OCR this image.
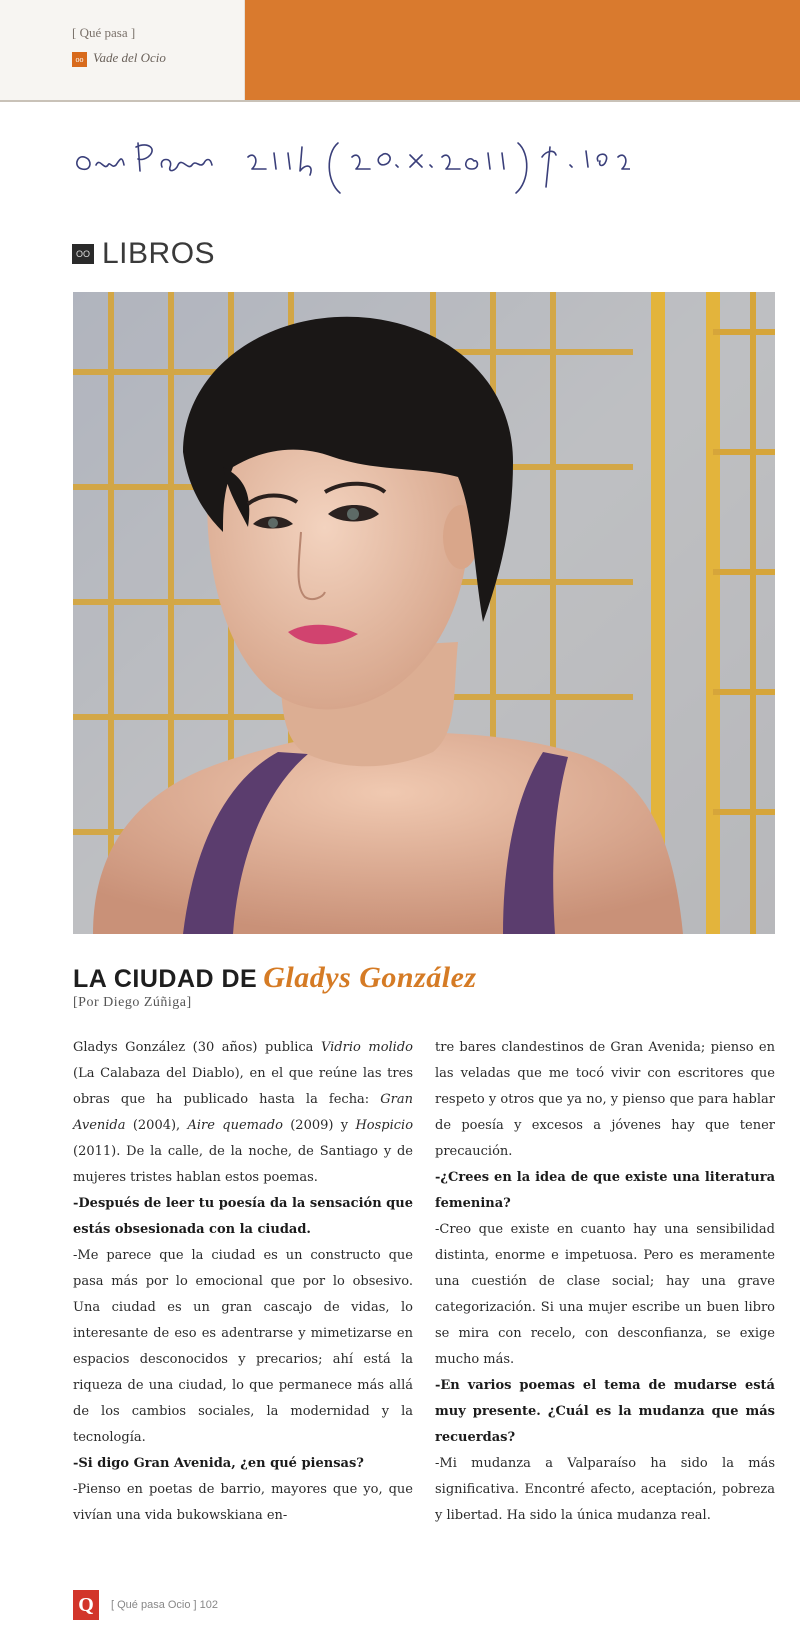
[ Qué pasa ]
oo Vade del Ocio
OO LIBROS
LA CIUDAD DE Gladys González
[Por Diego Zúñiga]

Gladys González (30 años) publica Vidrio molido (La Calabaza del Diablo), en el que reúne las tres obras que ha publicado hasta la fecha: Gran Avenida (2004), Aire quemado (2009) y Hospicio (2011). De la calle, de la noche, de Santiago y de mujeres tristes hablan estos poemas.

-Después de leer tu poesía da la sensación que estás obsesionada con la ciudad.

-Me parece que la ciudad es un constructo que pasa más por lo emocional que por lo obsesivo. Una ciudad es un gran cascajo de vidas, lo interesante de eso es adentrarse y mimetizarse en espacios desconocidos y precarios; ahí está la riqueza de una ciudad, lo que permanece más allá de los cambios sociales, la modernidad y la tecnología.

-Si digo Gran Avenida, ¿en qué piensas?

-Pienso en poetas de barrio, mayores que yo, que vivían una vida bukowskiana en-

tre bares clandestinos de Gran Avenida; pienso en las veladas que me tocó vivir con escritores que respeto y otros que ya no, y pienso que para hablar de poesía y excesos a jóvenes hay que tener precaución.

-¿Crees en la idea de que existe una literatura femenina?

-Creo que existe en cuanto hay una sensibilidad distinta, enorme e impetuosa. Pero es meramente una cuestión de clase social; hay una grave categorización. Si una mujer escribe un buen libro se mira con recelo, con desconfianza, se exige mucho más.

-En varios poemas el tema de mudarse está muy presente. ¿Cuál es la mudanza que más recuerdas?

-Mi mudanza a Valparaíso ha sido la más significativa. Encontré afecto, aceptación, pobreza y libertad. Ha sido la única mudanza real.

Q	[ Qué pasa Ocio ] 102
